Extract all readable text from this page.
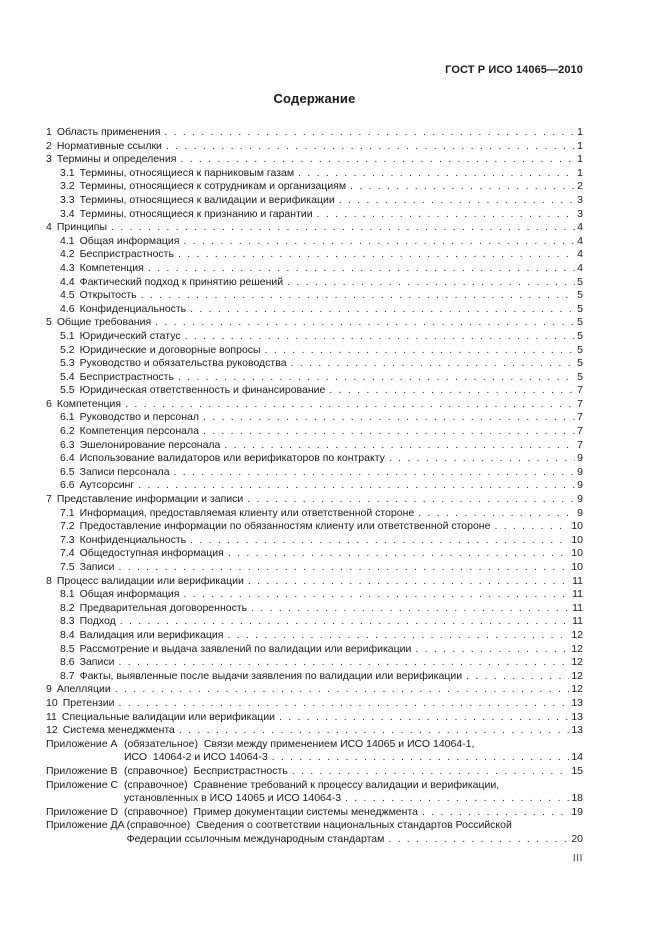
ГОСТ Р ИСО 14065—2010
Содержание
1 Область применения . . .	1
2 Нормативные ссылки . . .	1
3 Термины и определения . . .	1
3.1 Термины, относящиеся к парниковым газам . . .	1
3.2 Термины, относящиеся к сотрудникам и организациям . . .	2
3.3 Термины, относящиеся к валидации и верификации . . .	3
3.4 Термины, относящиеся к признанию и гарантии . . .	3
4 Принципы . . .	4
4.1 Общая информация . . .	4
4.2 Беспристрастность . . .	4
4.3 Компетенция . . .	4
4.4 Фактический подход к принятию решений . . .	5
4.5 Открытость . . .	5
4.6 Конфиденциальность . . .	5
5 Общие требования . . .	5
5.1 Юридический статус . . .	5
5.2 Юридические и договорные вопросы . . .	5
5.3 Руководство и обязательства руководства . . .	5
5.4 Беспристрастность . . .	5
5.5 Юридическая ответственность и финансирование . . .	7
6 Компетенция . . .	7
6.1 Руководство и персонал . . .	7
6.2 Компетенция персонала . . .	7
6.3 Эшелонирование персонала . . .	7
6.4 Использование валидаторов или верификаторов по контракту . . .	9
6.5 Записи персонала . . .	9
6.6 Аутсорсинг . . .	9
7 Представление информации и записи . . .	9
7.1 Информация, предоставляемая клиенту или ответственной стороне . . .	9
7.2 Предоставление информации по обязанностям клиенту или ответственной стороне . . .	10
7.3 Конфиденциальность . . .	10
7.4 Общедоступная информация . . .	10
7.5 Записи . . .	10
8 Процесс валидации или верификации . . .	11
8.1 Общая информация . . .	11
8.2 Предварительная договоренность . . .	11
8.3 Подход . . .	11
8.4 Валидация или верификация . . .	12
8.5 Рассмотрение и выдача заявлений по валидации или верификации . . .	12
8.6 Записи . . .	12
8.7 Факты, выявленные после выдачи заявления по валидации или верификации . . .	12
9 Апелляции . . .	12
10 Претензии . . .	13
11 Специальные валидации или верификации . . .	13
12 Система менеджмента . . .	13
Приложение А (обязательное)  Связи между применением ИСО 14065 и ИСО 14064-1,
ИСО  14064-2 и ИСО 14064-3 . . .	14
Приложение В (справочное)  Беспристрастность . . .	15
Приложение С (справочное)  Сравнение требований к процессу валидации и верификации,
установленных в ИСО 14065 и ИСО 14064-3 . . .	18
Приложение D (справочное)  Пример документации системы менеджмента . . .	19
Приложение ДА (справочное)  Сведения о соответствии национальных стандартов Российской
Федерации ссылочным международным стандартам . . .	20
III
